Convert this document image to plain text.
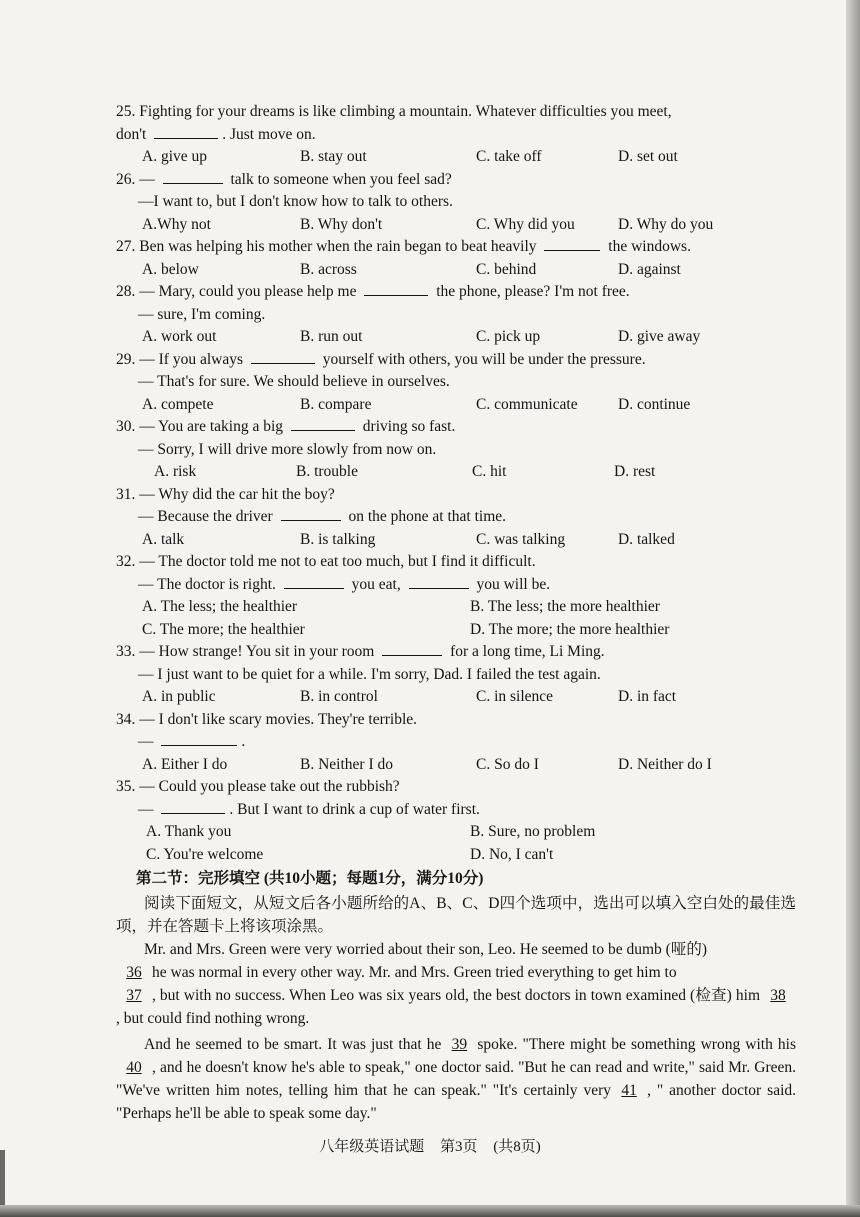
25. Fighting for your dreams is like climbing a mountain. Whatever difficulties you meet,
don't	. Just move on.
A. give up	B. stay out	C. take off	D. set out
26. —	talk to someone when you feel sad?
—I want to, but I don't know how to talk to others.
A.Why not	B. Why don't	C. Why did you	D. Why do you
27. Ben was helping his mother when the rain began to beat heavily	the windows.
A. below	B. across	C. behind	D. against
28. — Mary, could you please help me	the phone, please? I'm not free.
— sure, I'm coming.
A. work out	B. run out	C. pick up	D. give away
29. — If you always	yourself with others, you will be under the pressure.
— That's for sure. We should believe in ourselves.
A. compete	B. compare	C. communicate	D. continue
30. — You are taking a big	driving so fast.
— Sorry, I will drive more slowly from now on.
A. risk	B. trouble	C. hit	D. rest
31. — Why did the car hit the boy?
— Because the driver	on the phone at that time.
A. talk	B. is talking	C. was talking	D. talked
32. — The doctor told me not to eat too much, but I find it difficult.
— The doctor is right.	you eat,	you will be.
A. The less; the healthier	B. The less; the more healthier
C. The more; the healthier	D. The more; the more healthier
33. — How strange! You sit in your room	for a long time, Li Ming.
— I just want to be quiet for a while. I'm sorry, Dad. I failed the test again.
A. in public	B. in control	C. in silence	D. in fact
34. — I don't like scary movies. They're terrible.
—	.
A. Either I do	B. Neither I do	C. So do I	D. Neither do I
35. — Could you please take out the rubbish?
—	. But I want to drink a cup of water first.
A. Thank you	B. Sure, no problem
C. You're welcome	D. No, I can't
第二节：完形填空 (共10小题；每题1分，满分10分)

阅读下面短文，从短文后各小题所给的A、B、C、D四个选项中，选出可以填入空白处的最佳选项，并在答题卡上将该项涂黑。

Mr. and Mrs. Green were very worried about their son, Leo. He seemed to be dumb (哑的)
36 he was normal in every other way. Mr. and Mrs. Green tried everything to get him to
37 , but with no success. When Leo was six years old, the best doctors in town examined (检查) him 38, but could find nothing wrong.

And he seemed to be smart. It was just that he 39 spoke. "There might be something wrong with his40 , and he doesn't know he's able to speak," one doctor said. "But he can read and write," said Mr. Green. "We've written him notes, telling him that he can speak." "It's certainly very 41 , " another doctor said. "Perhaps he'll be able to speak some day."

八年级英语试题 第3页 (共8页)
